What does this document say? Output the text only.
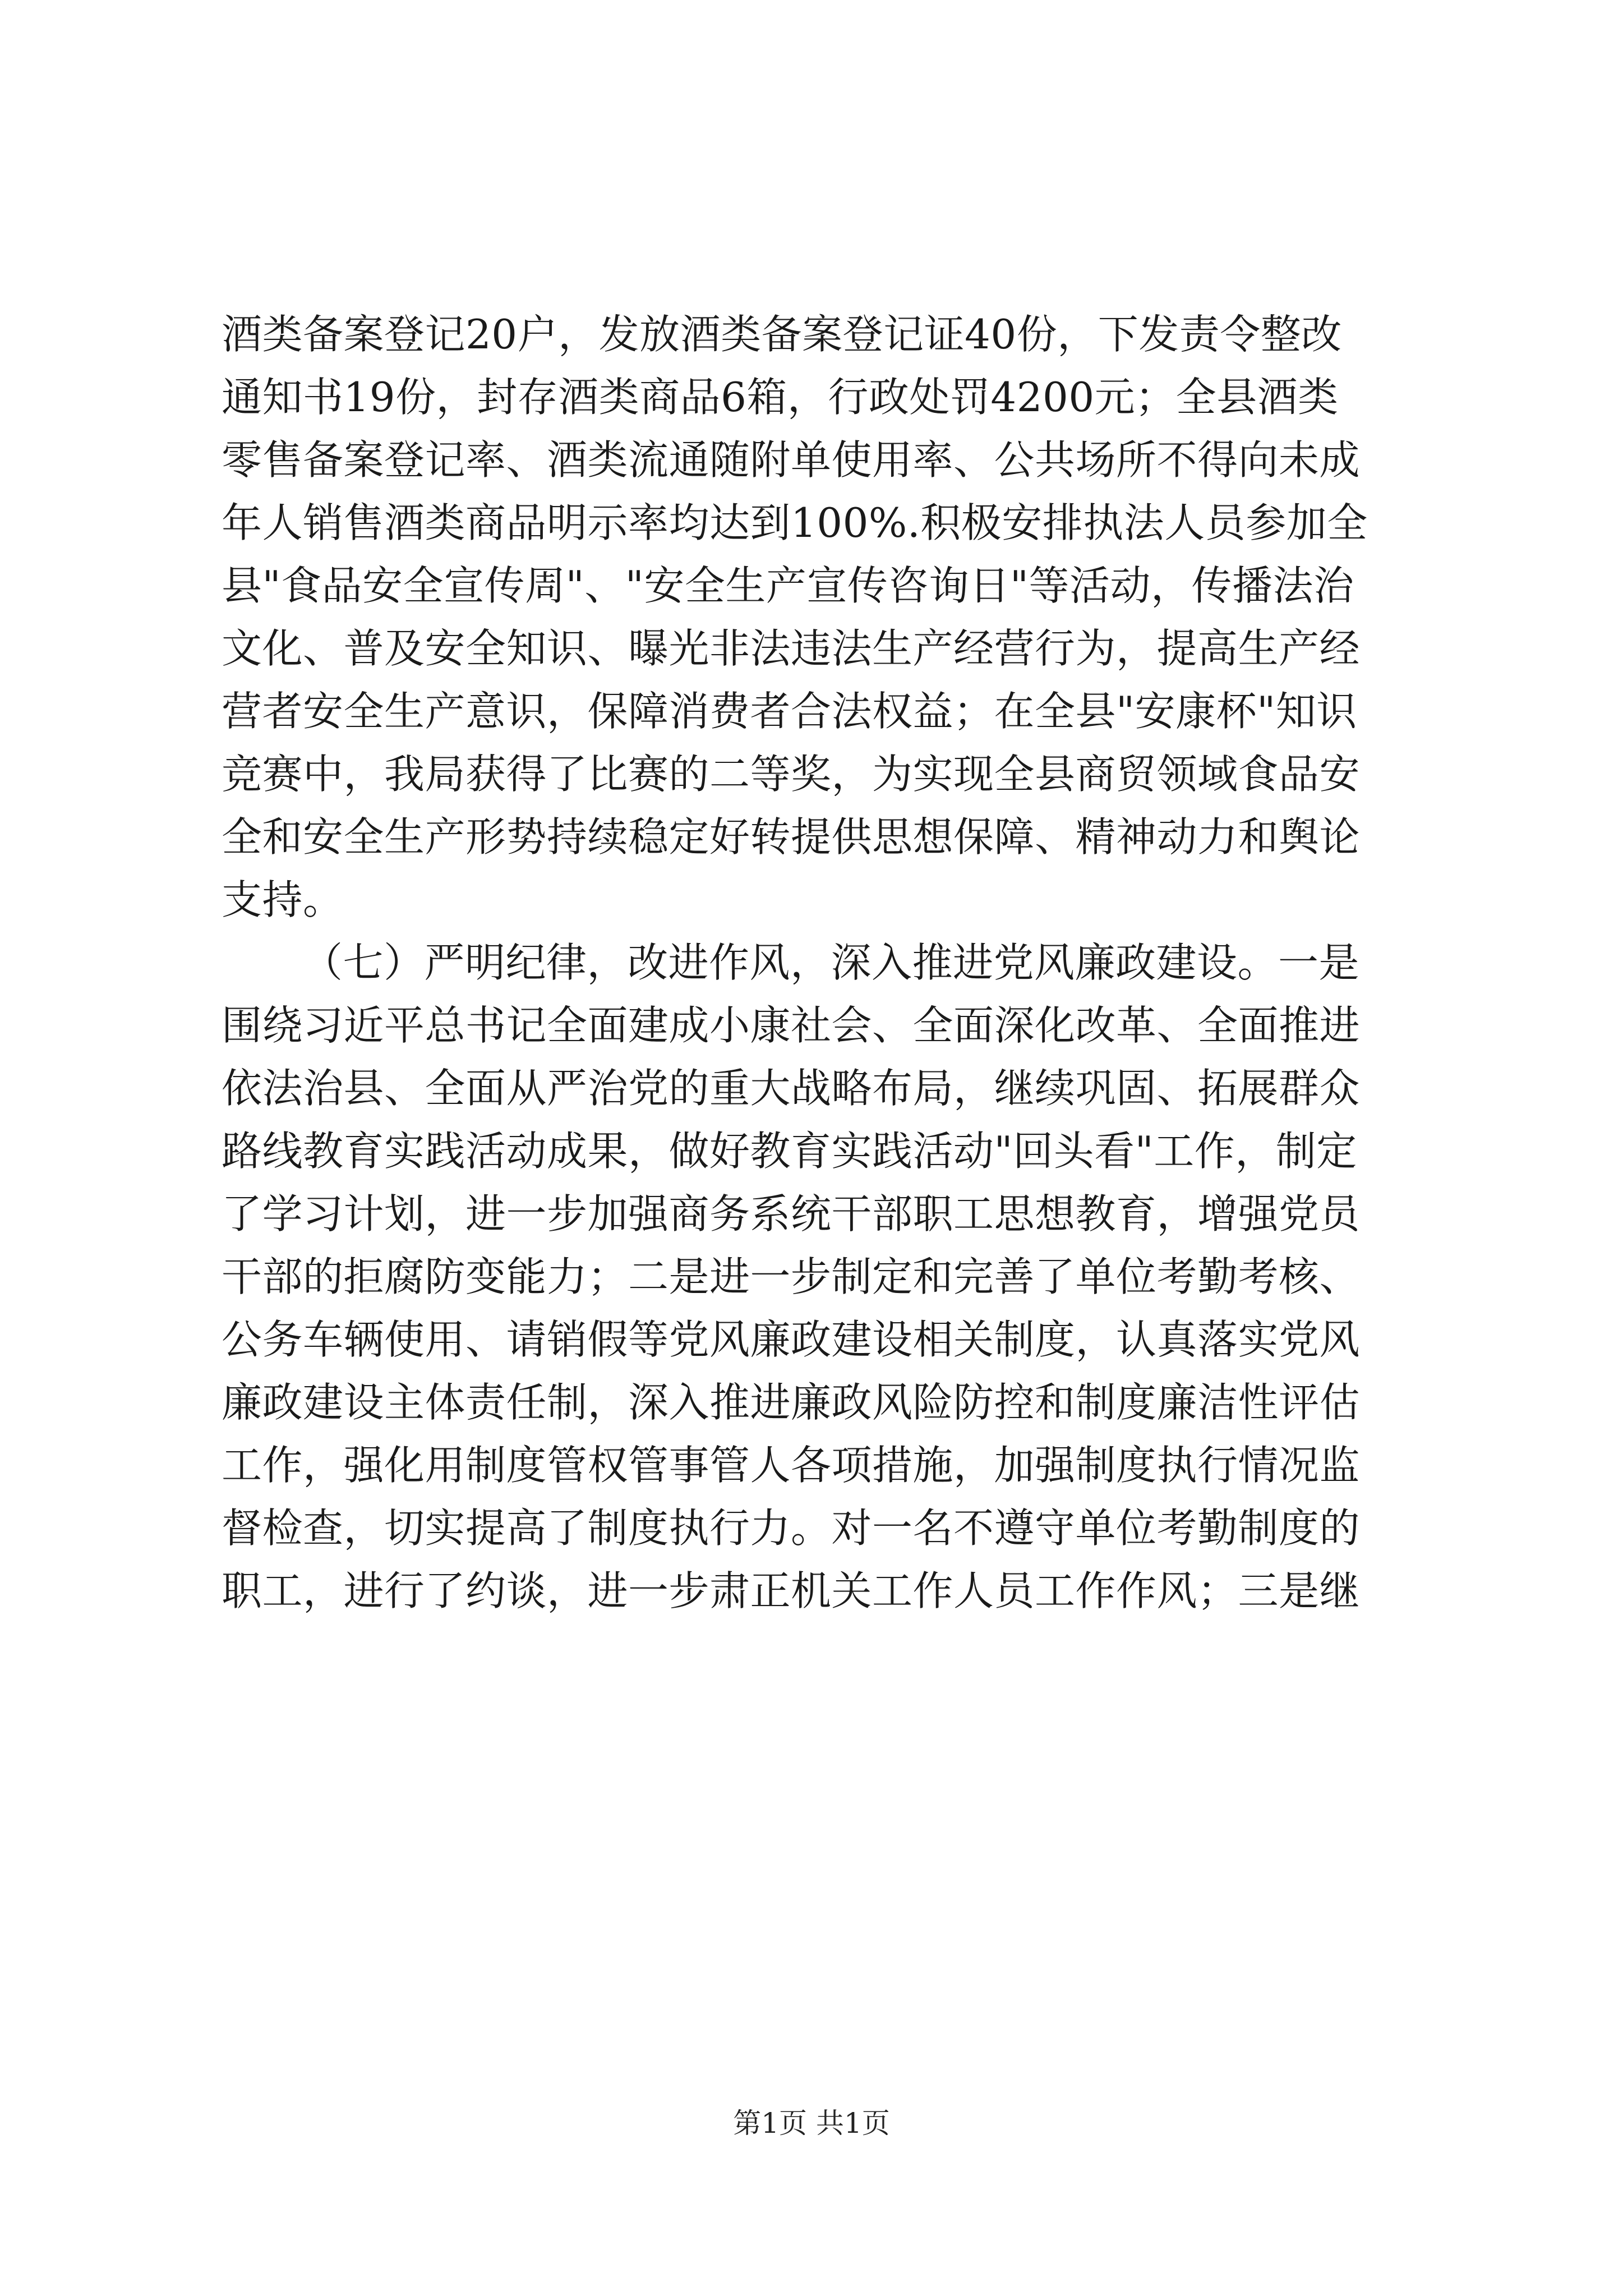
酒类备案登记20户，发放酒类备案登记证40份，下发责令整改
通知书19份，封存酒类商品6箱，行政处罚4200元；全县酒类
零售备案登记率、酒类流通随附单使用率、公共场所不得向未成
年人销售酒类商品明示率均达到100%.积极安排执法人员参加全
县"食品安全宣传周"、"安全生产宣传咨询日"等活动，传播法治
文化、普及安全知识、曝光非法违法生产经营行为，提高生产经
营者安全生产意识，保障消费者合法权益；在全县"安康杯"知识
竞赛中，我局获得了比赛的二等奖，为实现全县商贸领域食品安
全和安全生产形势持续稳定好转提供思想保障、精神动力和舆论
支持。
（七）严明纪律，改进作风，深入推进党风廉政建设。一是
围绕习近平总书记全面建成小康社会、全面深化改革、全面推进
依法治县、全面从严治党的重大战略布局，继续巩固、拓展群众
路线教育实践活动成果，做好教育实践活动"回头看"工作，制定
了学习计划，进一步加强商务系统干部职工思想教育，增强党员
干部的拒腐防变能力；二是进一步制定和完善了单位考勤考核、
公务车辆使用、请销假等党风廉政建设相关制度，认真落实党风
廉政建设主体责任制，深入推进廉政风险防控和制度廉洁性评估
工作，强化用制度管权管事管人各项措施，加强制度执行情况监
督检查，切实提高了制度执行力。对一名不遵守单位考勤制度的
职工，进行了约谈，进一步肃正机关工作人员工作作风；三是继
第1页 共1页
